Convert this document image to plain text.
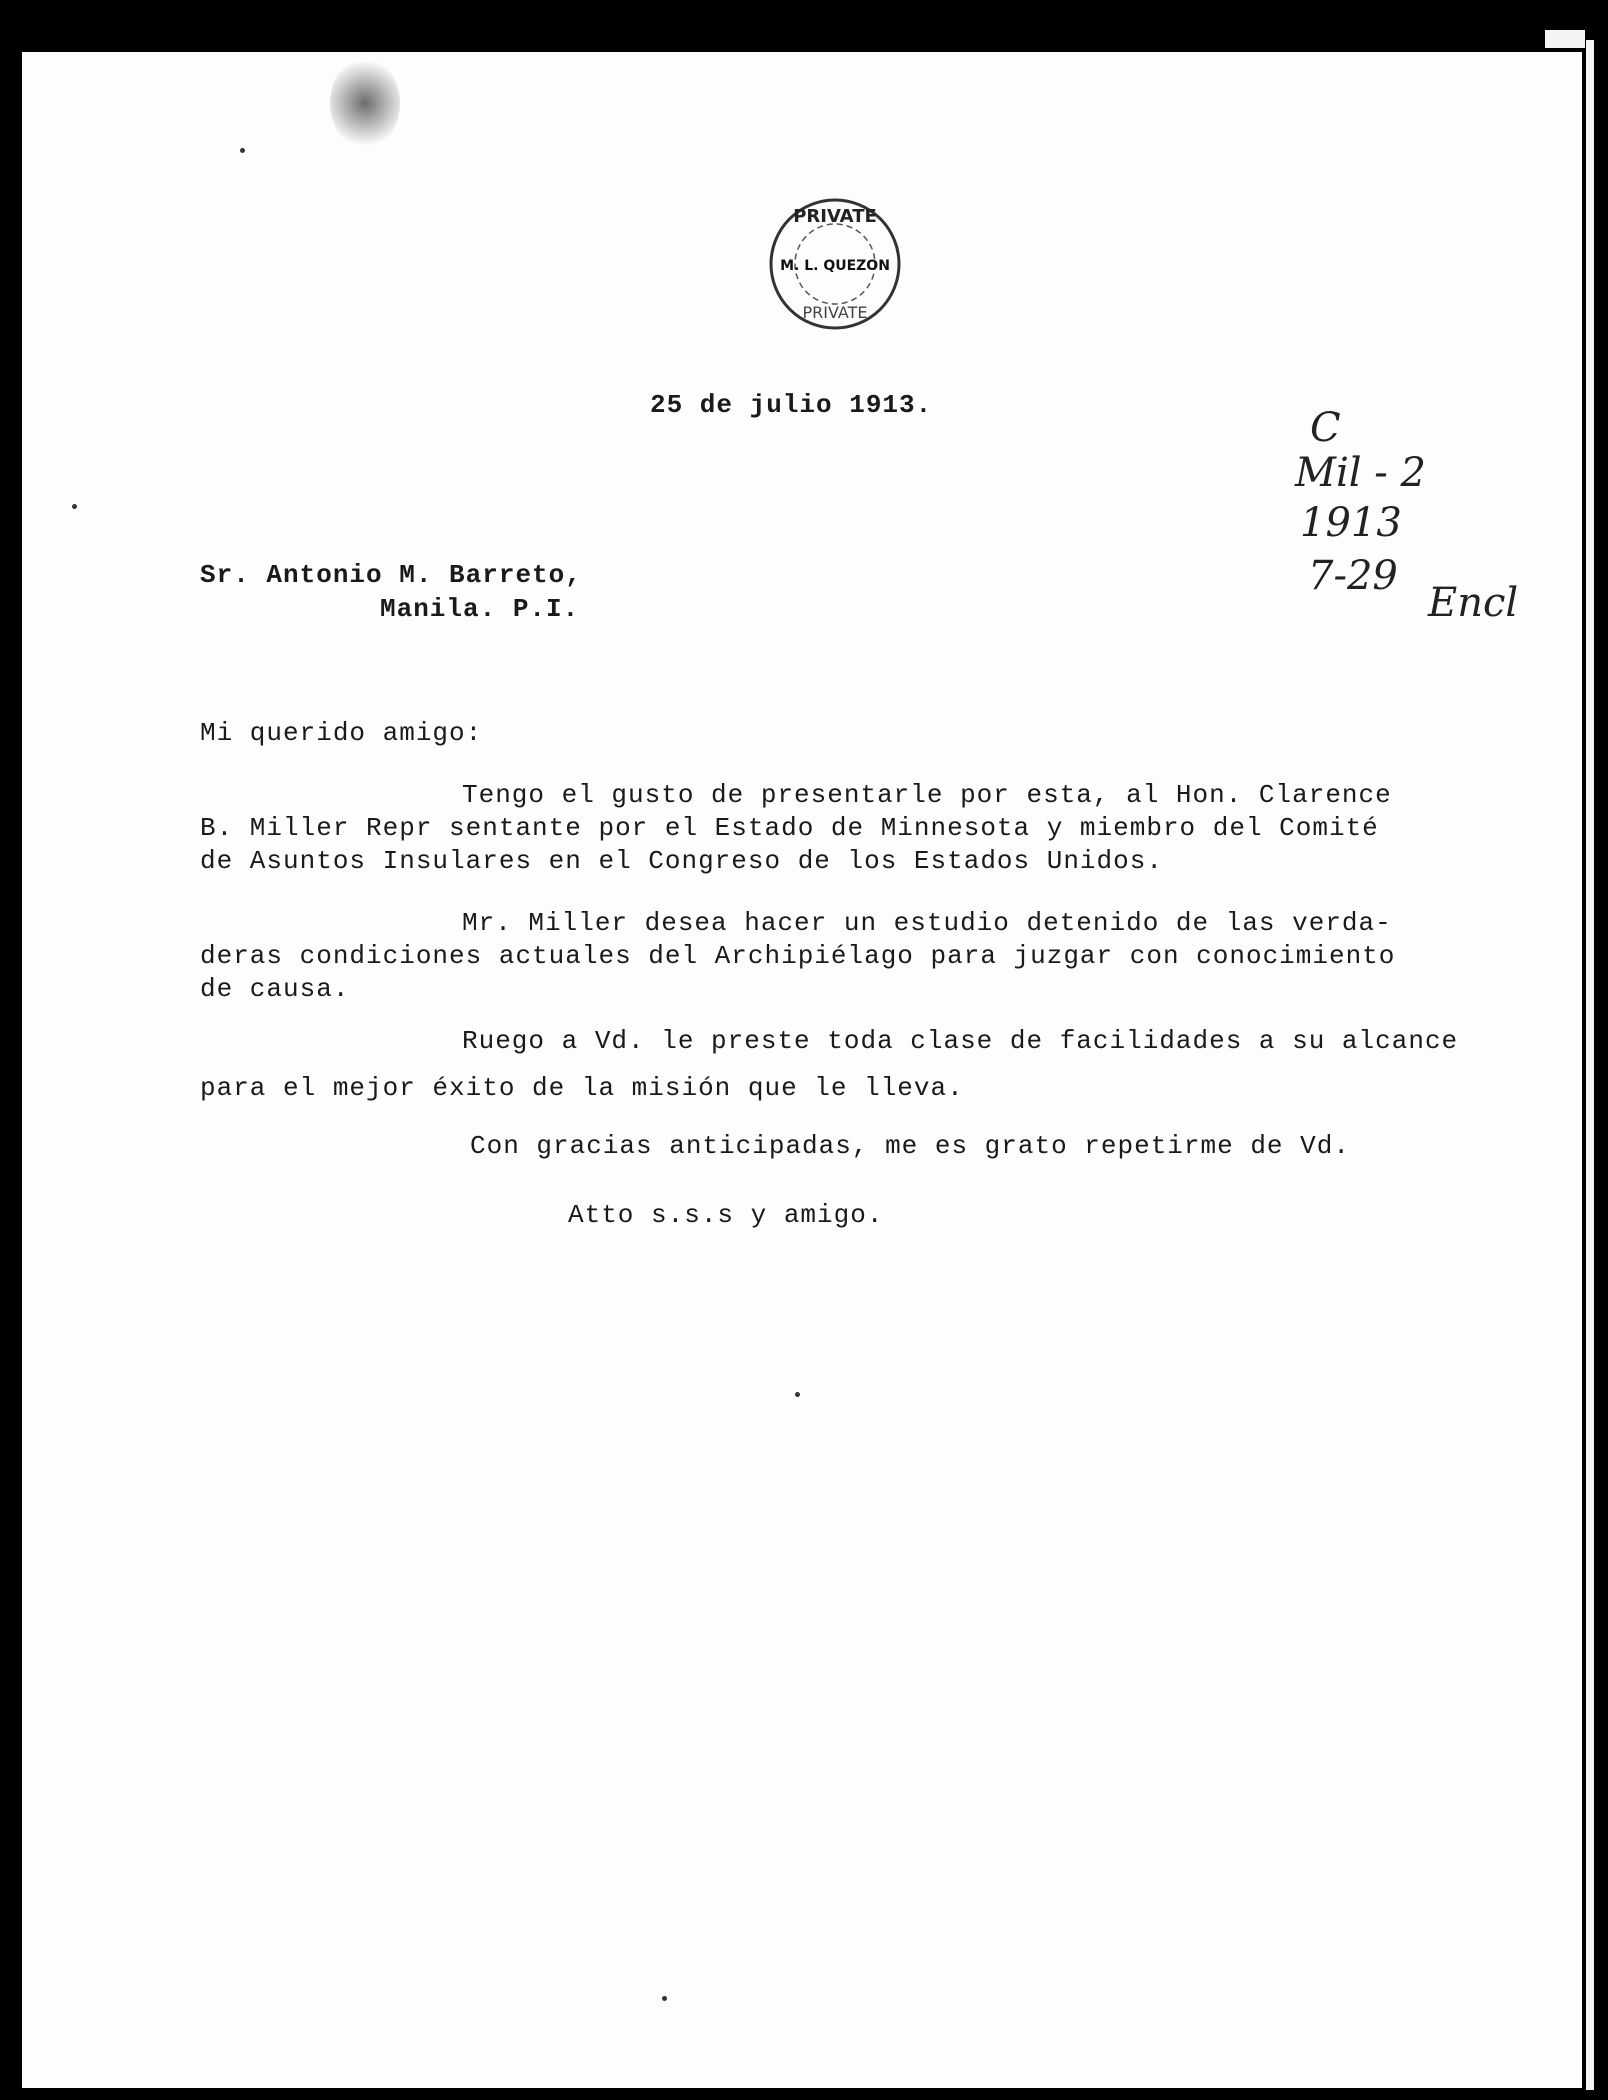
PRIVATE
M. L. QUEZON
PRIVATE
25 de julio 1913.
Sr. Antonio M. Barreto,
Manila. P.I.
Mi querido amigo:
Tengo el gusto de presentarle por esta, al Hon. Clarence
B. Miller Repr sentante por el Estado de Minnesota y miembro del Comité
de Asuntos Insulares en el Congreso de los Estados Unidos.
Mr. Miller desea hacer un estudio detenido de las verda-
deras condiciones actuales del Archipiélago para juzgar con conocimiento
de causa.
Ruego a Vd. le preste toda clase de facilidades a su alcance
para el mejor éxito de la misión que le lleva.
Con gracias anticipadas, me es grato repetirme de Vd.
Atto s.s.s y amigo.
C
Mil - 2
1913
7-29
Encl
